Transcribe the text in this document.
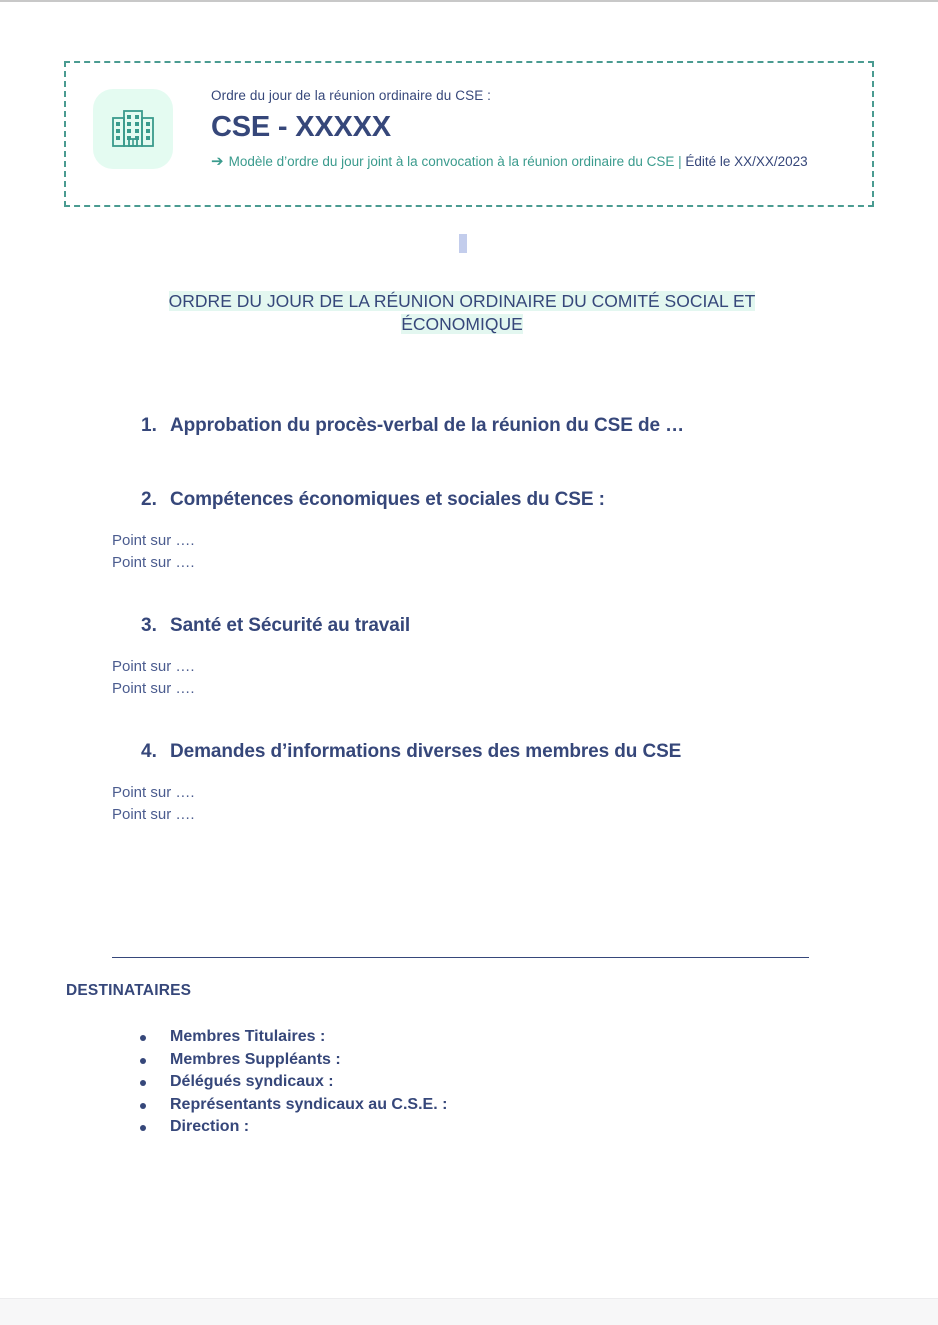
Ordre du jour de la réunion ordinaire du CSE :
CSE - XXXXX
➔ Modèle d’ordre du jour joint à la convocation à la réunion ordinaire du CSE | Édité le XX/XX/2023
ORDRE DU JOUR DE LA RÉUNION ORDINAIRE DU COMITÉ SOCIAL ET ÉCONOMIQUE
1. Approbation du procès-verbal de la réunion du CSE de …
2. Compétences économiques et sociales du CSE :
Point sur ….
Point sur ….
3. Santé et Sécurité au travail
Point sur ….
Point sur ….
4. Demandes d’informations diverses des membres du CSE
Point sur ….
Point sur ….
DESTINATAIRES
Membres Titulaires :
Membres Suppléants :
Délégués syndicaux :
Représentants syndicaux au C.S.E. :
Direction :
